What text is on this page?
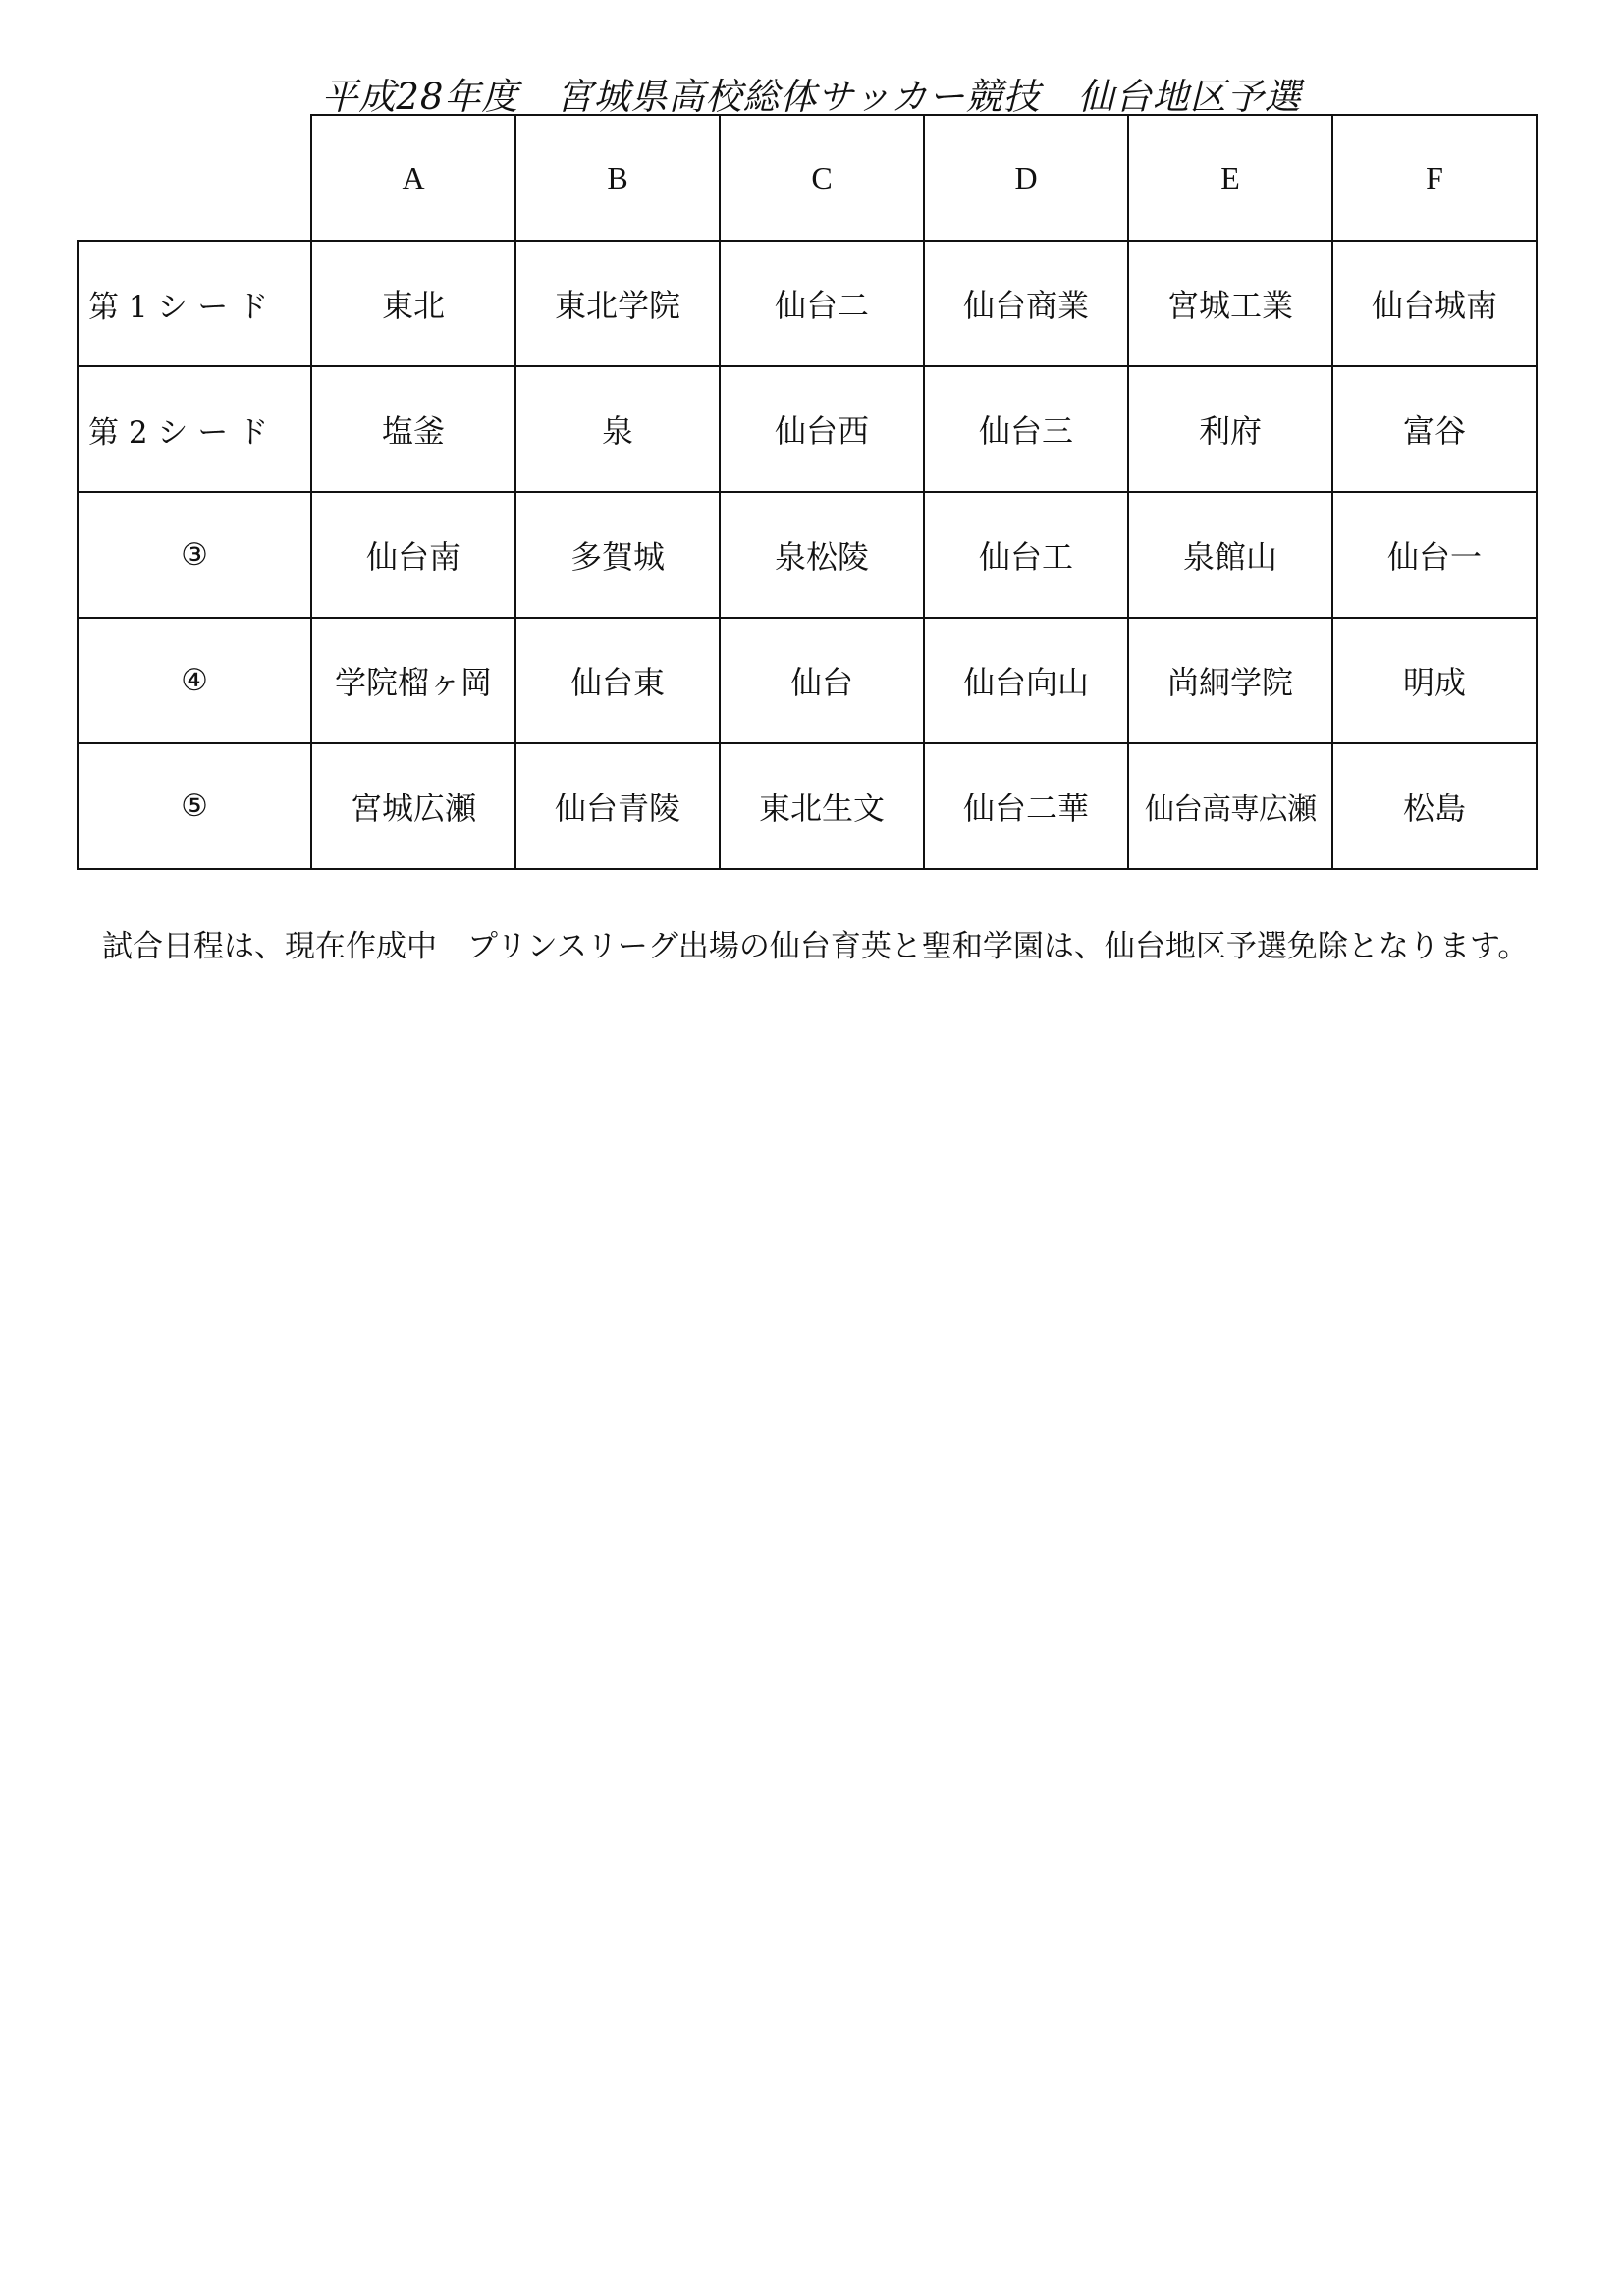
平成28年度　宮城県高校総体サッカー競技　仙台地区予選
	A	B	C	D	E	F
第 1 シ ー ド	東北	東北学院	仙台二	仙台商業	宮城工業	仙台城南
第 2 シ ー ド	塩釜	泉	仙台西	仙台三	利府	富谷
③	仙台南	多賀城	泉松陵	仙台工	泉館山	仙台一
④	学院榴ヶ岡	仙台東	仙台	仙台向山	尚絅学院	明成
⑤	宮城広瀬	仙台青陵	東北生文	仙台二華	仙台高専広瀬	松島
試合日程は、現在作成中　プリンスリーグ出場の仙台育英と聖和学園は、仙台地区予選免除となります。
